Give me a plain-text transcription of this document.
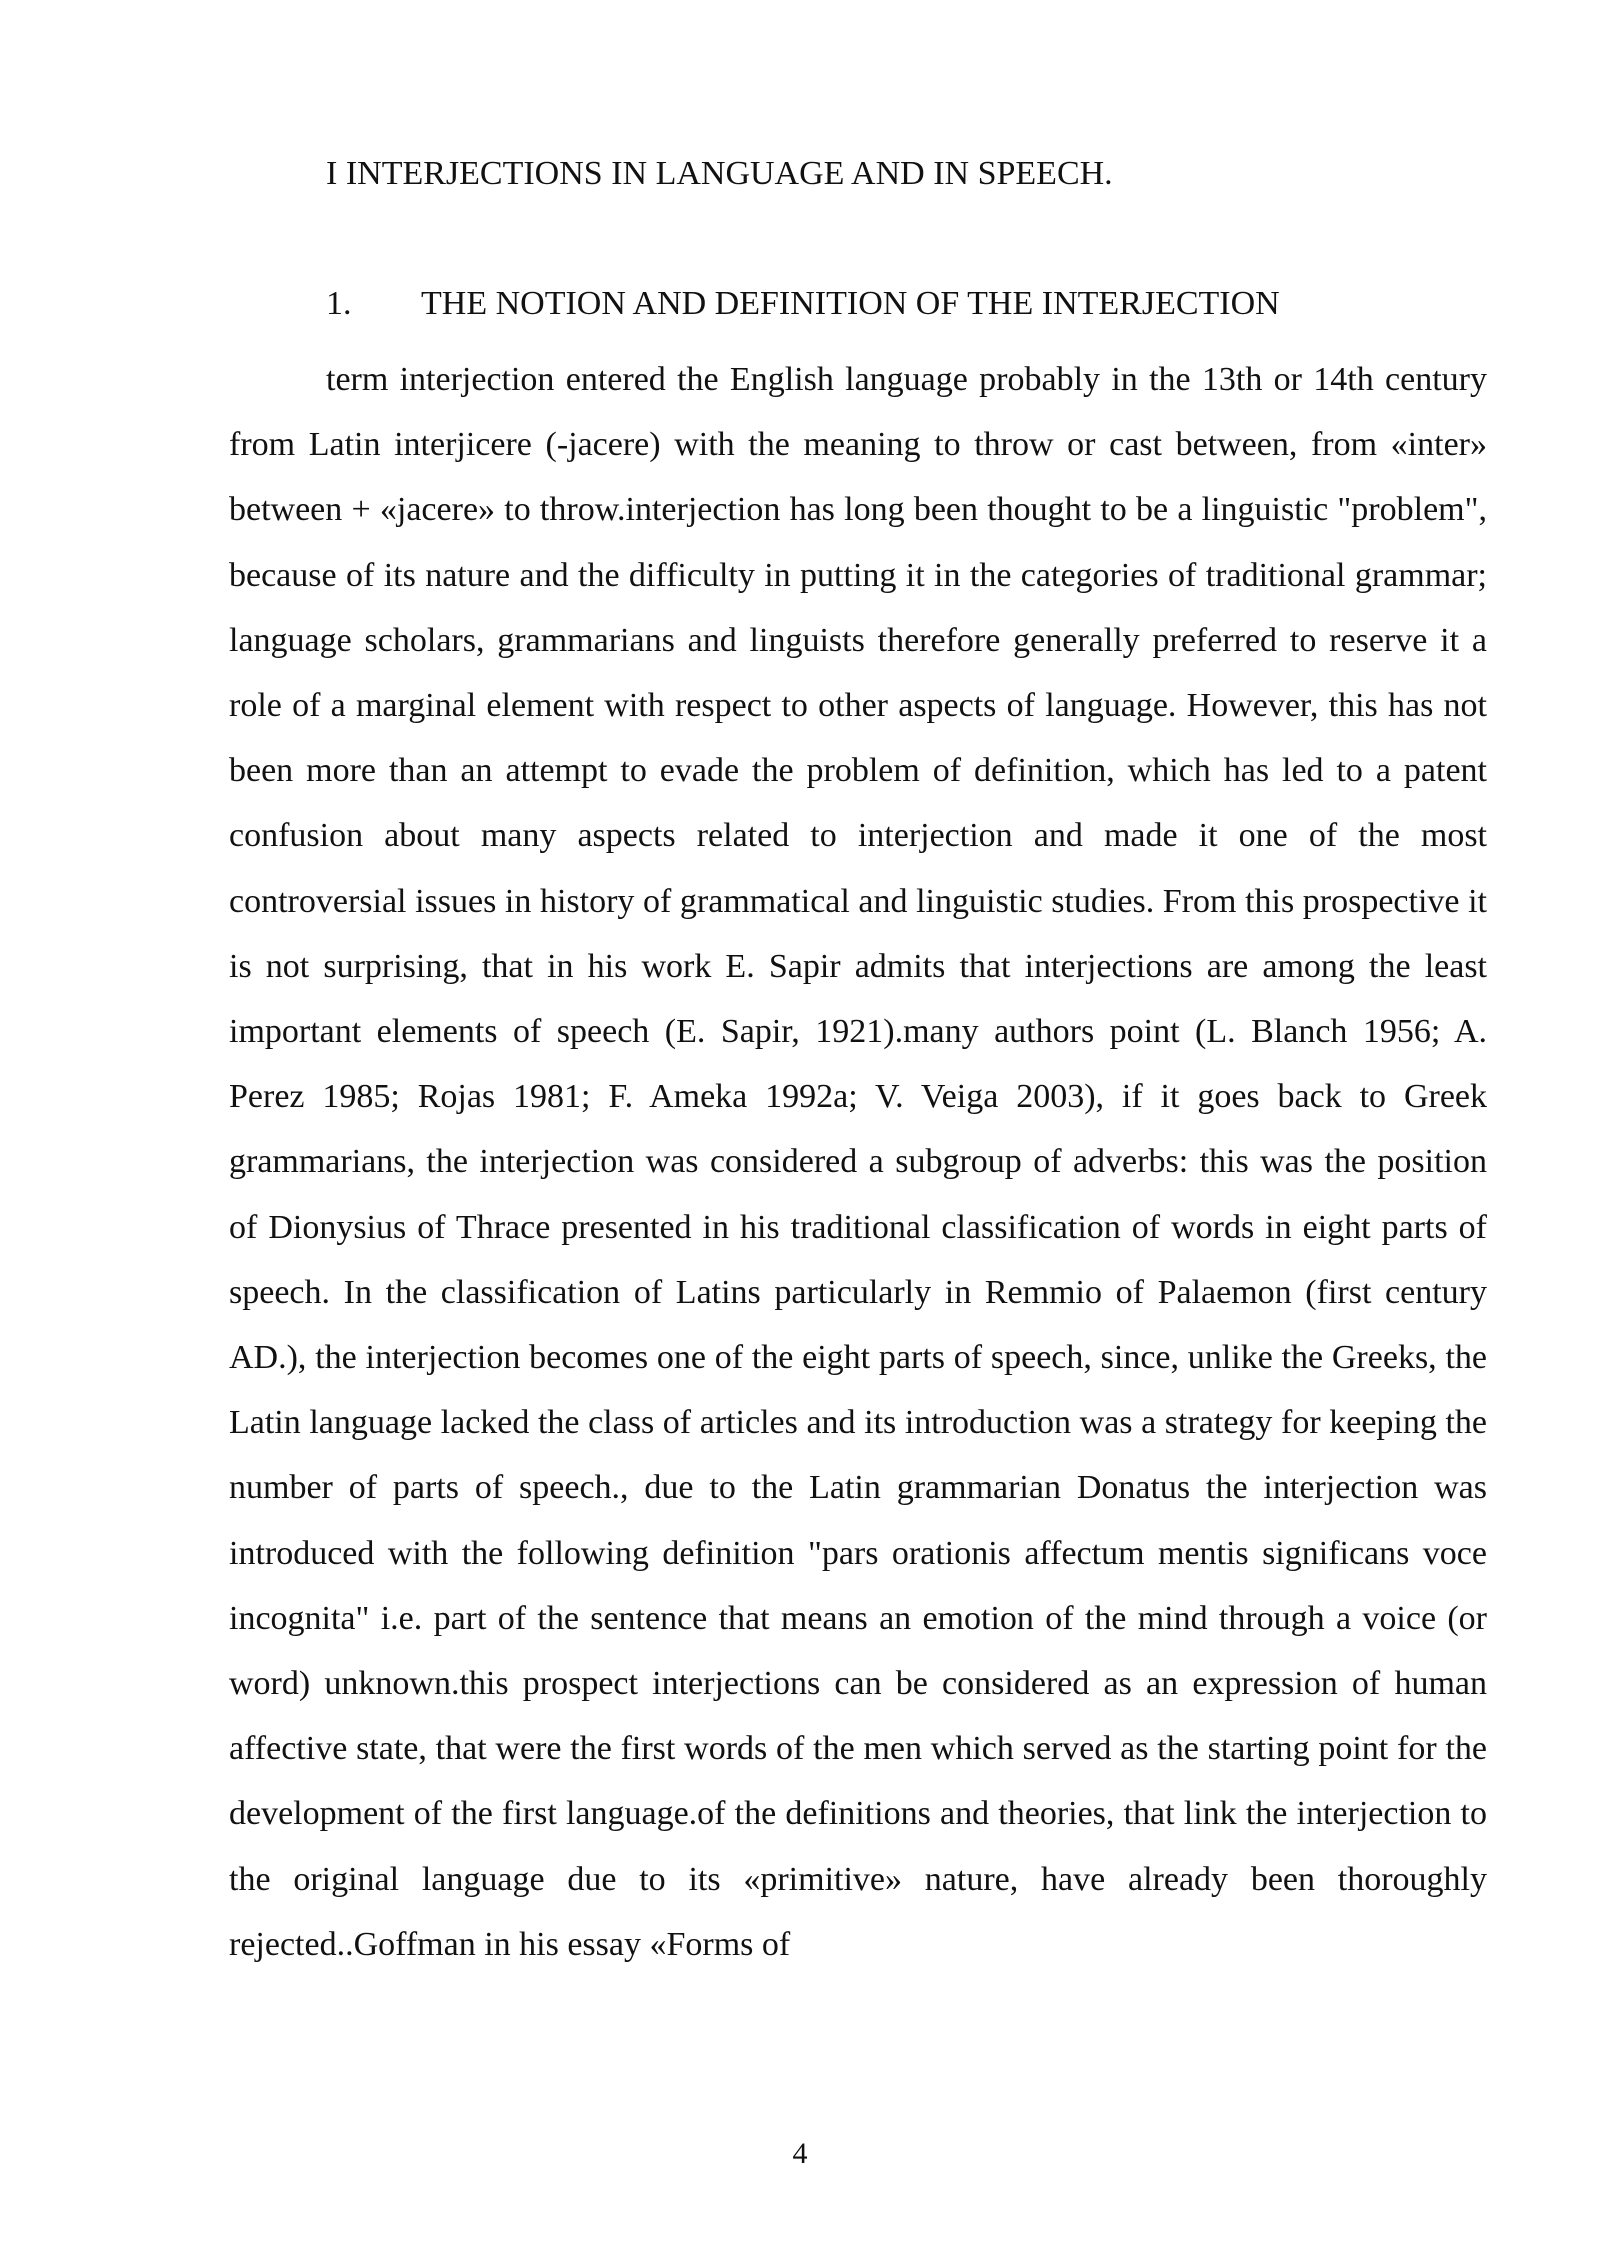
I INTERJECTIONS IN LANGUAGE AND IN SPEECH.
1. THE NOTION AND DEFINITION OF THE INTERJECTION

term interjection entered the English language probably in the 13th or 14th century from Latin interjicere (-jacere) with the meaning to throw or cast between, from «inter» between + «jacere» to throw.interjection has long been thought to be a linguistic "problem", because of its nature and the difficulty in putting it in the categories of traditional grammar; language scholars, grammarians and linguists therefore generally preferred to reserve it a role of a marginal element with respect to other aspects of language. However, this has not been more than an attempt to evade the problem of definition, which has led to a patent confusion about many aspects related to interjection and made it one of the most controversial issues in history of grammatical and linguistic studies. From this prospective it is not surprising, that in his work E. Sapir admits that interjections are among the least important elements of speech (E. Sapir, 1921).many authors point (L. Blanch 1956; A. Perez 1985; Rojas 1981; F. Ameka 1992a; V. Veiga 2003), if it goes back to Greek grammarians, the interjection was considered a subgroup of adverbs: this was the position of Dionysius of Thrace presented in his traditional classification of words in eight parts of speech. In the classification of Latins particularly in Remmio of Palaemon (first century AD.), the interjection becomes one of the eight parts of speech, since, unlike the Greeks, the Latin language lacked the class of articles and its introduction was a strategy for keeping the number of parts of speech., due to the Latin grammarian Donatus the interjection was introduced with the following definition "pars orationis affectum mentis significans voce incognita" i.e. part of the sentence that means an emotion of the mind through a voice (or word) unknown.this prospect interjections can be considered as an expression of human affective state, that were the first words of the men which served as the starting point for the development of the first language.of the definitions and theories, that link the interjection to the original language due to its «primitive» nature, have already been thoroughly rejected..Goffman in his essay «Forms of

4
